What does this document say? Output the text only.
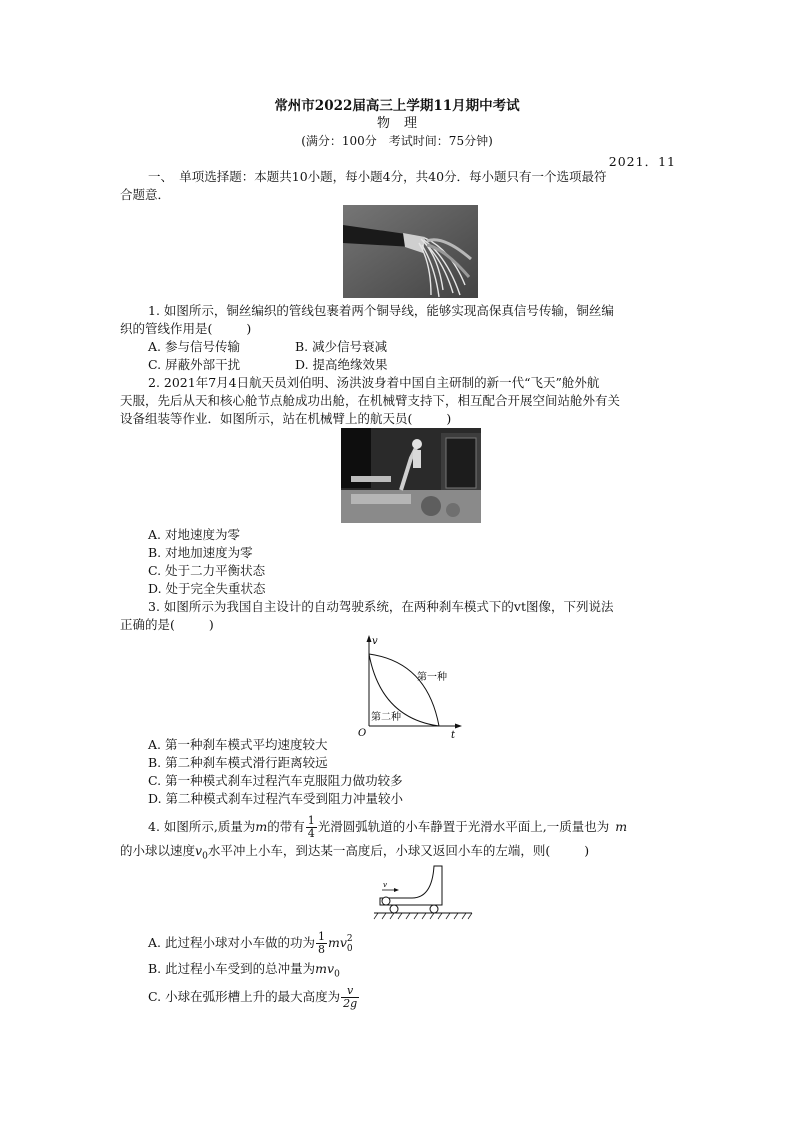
常州市2022届高三上学期11月期中考试
物理
(满分：100分　考试时间：75分钟)
2021．11
一、　单项选择题：本题共10小题，每小题4分，共40分．每小题只有一个选项最符
合题意．
1. 如图所示，铜丝编织的管线包裹着两个铜导线，能够实现高保真信号传输，铜丝编
织的管线作用是(	)
A. 参与信号传输	B. 减少信号衰减
C. 屏蔽外部干扰	D. 提高绝缘效果
2. 2021年7月4日航天员刘伯明、汤洪波身着中国自主研制的新一代“飞天”舱外航
天服，先后从天和核心舱节点舱成功出舱，在机械臂支持下，相互配合开展空间站舱外有关
设备组装等作业．如图所示，站在机械臂上的航天员(	)
A. 对地速度为零
B. 对地加速度为零
C. 处于二力平衡状态
D. 处于完全失重状态
3. 如图所示为我国自主设计的自动驾驶系统，在两种刹车模式下的vt图像，下列说法
正确的是(	)
v
t
O
第一种
第二种
A. 第一种刹车模式平均速度较大
B. 第二种刹车模式滑行距离较远
C. 第一种模式刹车过程汽车克服阻力做功较多
D. 第二种模式刹车过程汽车受到阻力冲量较小
4. 如图所示,质量为m的带有 $\frac{1}{4}$ 光滑圆弧轨道的小车静置于光滑水平面上,一质量也为 m
的小球以速度$v_0$水平冲上小车，到达某一高度后，小球又返回小车的左端，则(	)
v
A. 此过程小球对小车做的功为 $\frac{1}{8}$ mv 2
0
B. 此过程小车受到的总冲量为$mv_0$
C. 小球在弧形槽上升的最大高度为 $\frac{v}{2g}$
